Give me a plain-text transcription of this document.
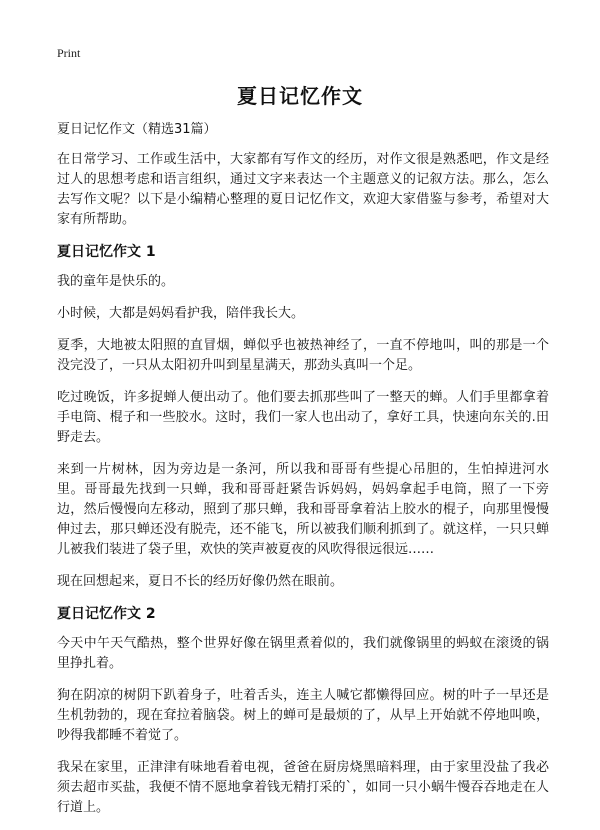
Print
夏日记忆作文

夏日记忆作文（精选31篇）

在日常学习、工作或生活中，大家都有写作文的经历，对作文很是熟悉吧，作文是经过人的思想考虑和语言组织，通过文字来表达一个主题意义的记叙方法。那么，怎么去写作文呢？以下是小编精心整理的夏日记忆作文，欢迎大家借鉴与参考，希望对大家有所帮助。

夏日记忆作文 1

我的童年是快乐的。

小时候，大都是妈妈看护我，陪伴我长大。

夏季，大地被太阳照的直冒烟，蝉似乎也被热神经了，一直不停地叫，叫的那是一个没完没了，一只从太阳初升叫到星星满天，那劲头真叫一个足。

吃过晚饭，许多捉蝉人便出动了。他们要去抓那些叫了一整天的蝉。人们手里都拿着手电筒、棍子和一些胶水。这时，我们一家人也出动了，拿好工具，快速向东关的.田野走去。

来到一片树林，因为旁边是一条河，所以我和哥哥有些提心吊胆的，生怕掉进河水里。哥哥最先找到一只蝉，我和哥哥赶紧告诉妈妈，妈妈拿起手电筒，照了一下旁边，然后慢慢向左移动，照到了那只蝉，我和哥哥拿着沾上胶水的棍子，向那里慢慢伸过去，那只蝉还没有脱壳，还不能飞，所以被我们顺利抓到了。就这样，一只只蝉儿被我们装进了袋子里，欢快的笑声被夏夜的风吹得很远很远……

现在回想起来，夏日不长的经历好像仍然在眼前。

夏日记忆作文 2

今天中午天气酷热，整个世界好像在锅里煮着似的，我们就像锅里的蚂蚁在滚烫的锅里挣扎着。

狗在阴凉的树阴下趴着身子，吐着舌头，连主人喊它都懒得回应。树的叶子一早还是生机勃勃的，现在耷拉着脑袋。树上的蝉可是最烦的了，从早上开始就不停地叫唤，吵得我都睡不着觉了。

我呆在家里，正津津有味地看着电视，爸爸在厨房烧黑暗料理，由于家里没盐了我必须去超市买盐，我便不情不愿地拿着钱无精打采的`，如同一只小蜗牛慢吞吞地走在人行道上。
